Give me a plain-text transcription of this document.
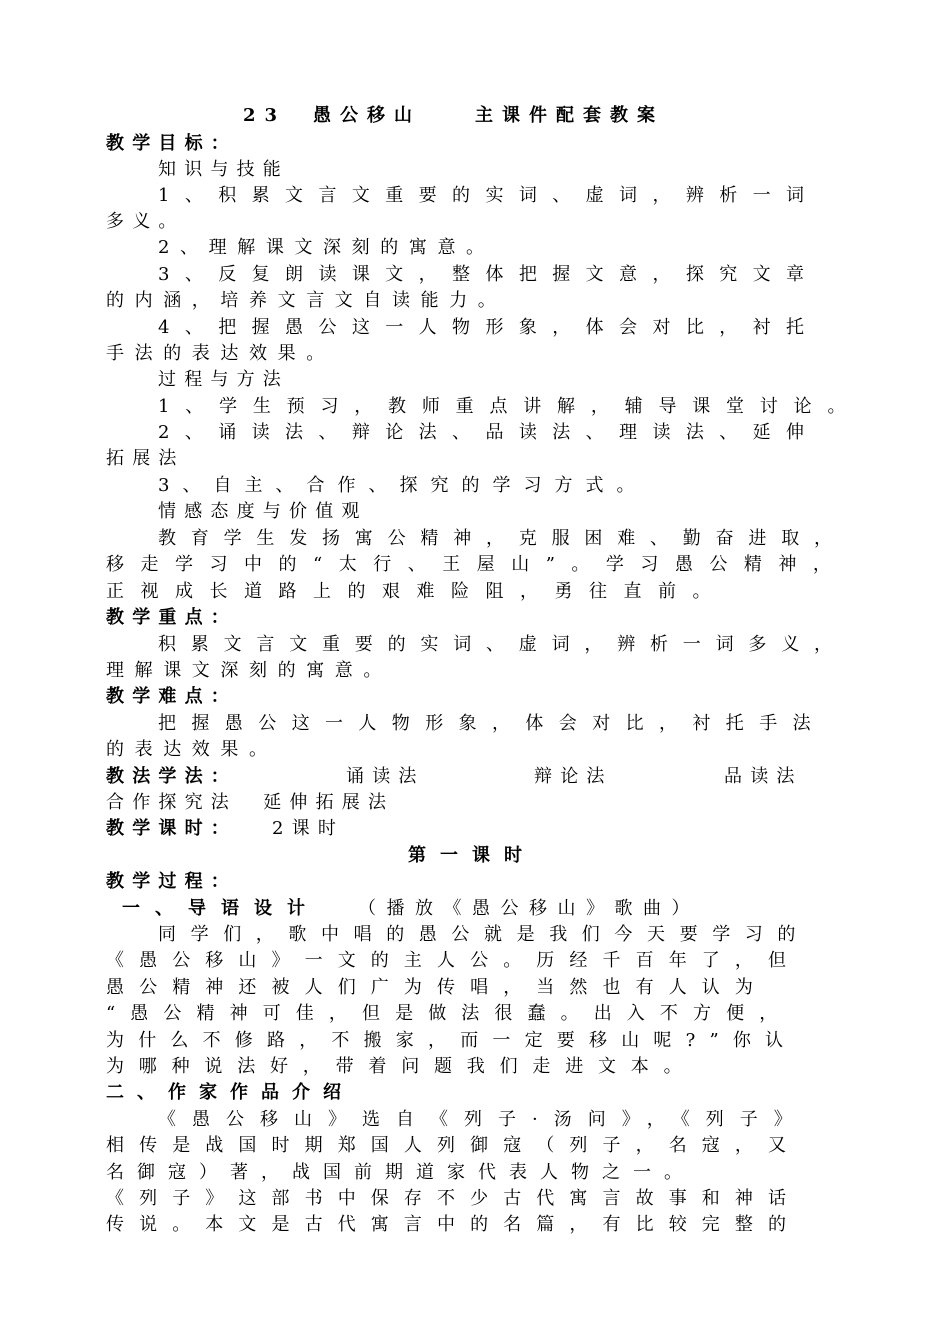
23　愚公移山　　主课件配套教案
教学目标：
知识与技能
1、积累文言文重要的实词、虚词，辨析一词
多义。
2、理解课文深刻的寓意。
3、反复朗读课文，整体把握文意，探究文章
的内涵，培养文言文自读能力。
4、把握愚公这一人物形象，体会对比，衬托
手法的表达效果。
过程与方法
1、学生预习，教师重点讲解，辅导课堂讨论。
2、诵读法、辩论法、品读法、理读法、延伸
拓展法
3、自主、合作、探究的学习方式。
情感态度与价值观
教育学生发扬寓公精神，克服困难、勤奋进取，
移走学习中的“太行、王屋山”。学习愚公精神，
正视成长道路上的艰难险阻，勇往直前。
教学重点：
积累文言文重要的实词、虚词，辨析一词多义，
理解课文深刻的寓意。
教学难点：
把握愚公这一人物形象，体会对比，衬托手法
的表达效果。

教法学法：

	诵读法

	辩论法

	品读法

合作探究法　延伸拓展法

教学课时：

2课时

第一课时
教学过程：

一、导语设计

（播放《愚公移山》歌曲）

同学们，歌中唱的愚公就是我们今天要学习的
《愚公移山》一文的主人公。历经千百年了，但
愚公精神还被人们广为传唱，当然也有人认为
“愚公精神可佳，但是做法很蠢。出入不方便，
为什么不修路，不搬家，而一定要移山呢?”你认
为哪种说法好，带着问题我们走进文本。
二、作家作品介绍
《愚公移山》选自《列子·汤问》，《列子》
相传是战国时期郑国人列御寇（列子，名寇，又
名御寇）著，战国前期道家代表人物之一。
《列子》这部书中保存不少古代寓言故事和神话
传说。本文是古代寓言中的名篇，有比较完整的
